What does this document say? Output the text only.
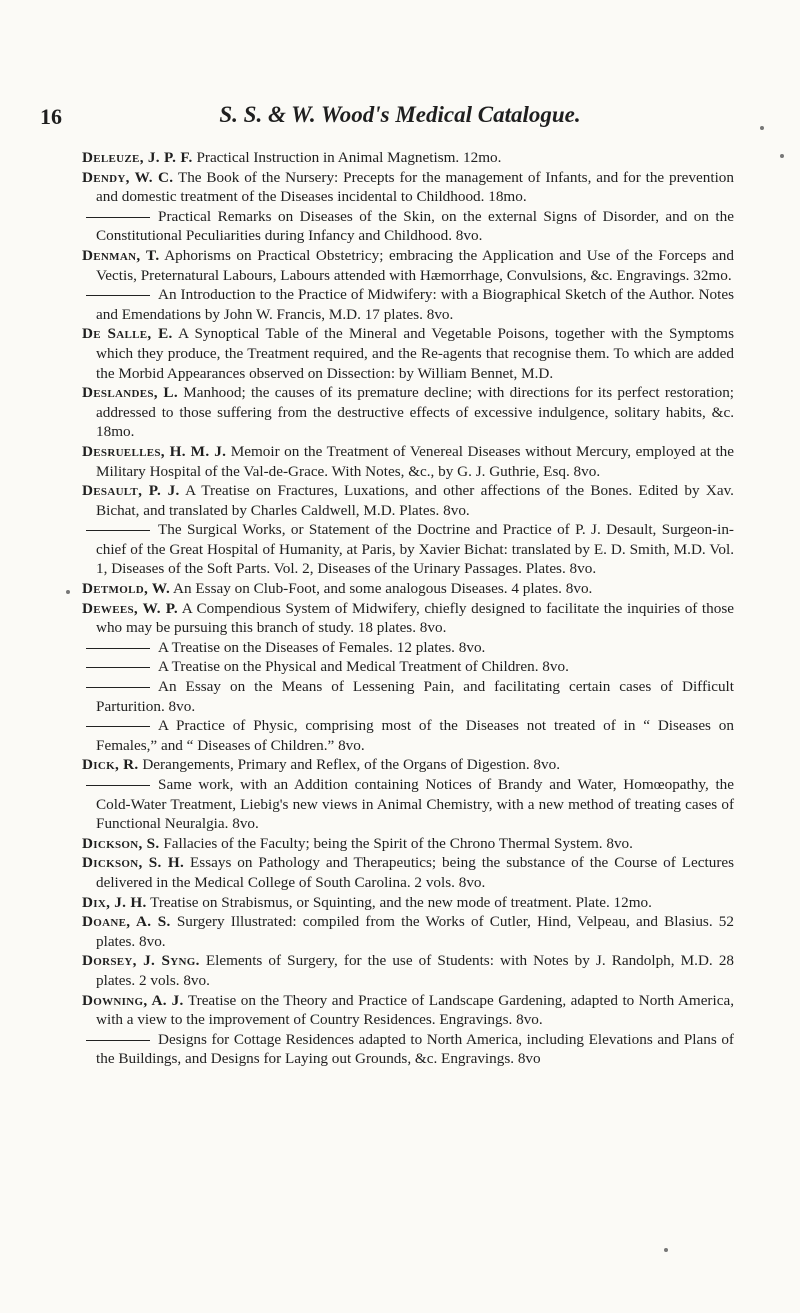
16	S. S. & W. Wood's Medical Catalogue.

Deleuze, J. P. F. Practical Instruction in Animal Magnetism. 12mo.

Dendy, W. C. The Book of the Nursery: Precepts for the management of Infants, and for the prevention and domestic treatment of the Diseases incidental to Childhood. 18mo.

Practical Remarks on Diseases of the Skin, on the external Signs of Disorder, and on the Constitutional Peculiarities during Infancy and Childhood. 8vo.

Denman, T. Aphorisms on Practical Obstetricy; embracing the Application and Use of the Forceps and Vectis, Preternatural Labours, Labours attended with Hæmorrhage, Convulsions, &c. Engravings. 32mo.

An Introduction to the Practice of Midwifery: with a Biographical Sketch of the Author. Notes and Emendations by John W. Francis, M.D. 17 plates. 8vo.

De Salle, E. A Synoptical Table of the Mineral and Vegetable Poisons, together with the Symptoms which they produce, the Treatment required, and the Re-agents that recognise them. To which are added the Morbid Appearances observed on Dissection: by William Bennet, M.D.

Deslandes, L. Manhood; the causes of its premature decline; with directions for its perfect restoration; addressed to those suffering from the destructive effects of excessive indulgence, solitary habits, &c. 18mo.

Desruelles, H. M. J. Memoir on the Treatment of Venereal Diseases without Mercury, employed at the Military Hospital of the Val-de-Grace. With Notes, &c., by G. J. Guthrie, Esq. 8vo.

Desault, P. J. A Treatise on Fractures, Luxations, and other affections of the Bones. Edited by Xav. Bichat, and translated by Charles Caldwell, M.D. Plates. 8vo.

The Surgical Works, or Statement of the Doctrine and Practice of P. J. Desault, Surgeon-in-chief of the Great Hospital of Humanity, at Paris, by Xavier Bichat: translated by E. D. Smith, M.D. Vol. 1, Diseases of the Soft Parts. Vol. 2, Diseases of the Urinary Passages. Plates. 8vo.

Detmold, W. An Essay on Club-Foot, and some analogous Diseases. 4 plates. 8vo.

Dewees, W. P. A Compendious System of Midwifery, chiefly designed to facilitate the inquiries of those who may be pursuing this branch of study. 18 plates. 8vo.

A Treatise on the Diseases of Females. 12 plates. 8vo.

A Treatise on the Physical and Medical Treatment of Children. 8vo.

An Essay on the Means of Lessening Pain, and facilitating certain cases of Difficult Parturition. 8vo.

A Practice of Physic, comprising most of the Diseases not treated of in “ Diseases on Females,” and “ Diseases of Children.” 8vo.

Dick, R. Derangements, Primary and Reflex, of the Organs of Digestion. 8vo.

Same work, with an Addition containing Notices of Brandy and Water, Homœopathy, the Cold-Water Treatment, Liebig's new views in Animal Chemistry, with a new method of treating cases of Functional Neuralgia. 8vo.

Dickson, S. Fallacies of the Faculty; being the Spirit of the Chrono Thermal System. 8vo.

Dickson, S. H. Essays on Pathology and Therapeutics; being the substance of the Course of Lectures delivered in the Medical College of South Carolina. 2 vols. 8vo.

Dix, J. H. Treatise on Strabismus, or Squinting, and the new mode of treatment. Plate. 12mo.

Doane, A. S. Surgery Illustrated: compiled from the Works of Cutler, Hind, Velpeau, and Blasius. 52 plates. 8vo.

Dorsey, J. Syng. Elements of Surgery, for the use of Students: with Notes by J. Randolph, M.D. 28 plates. 2 vols. 8vo.

Downing, A. J. Treatise on the Theory and Practice of Landscape Gardening, adapted to North America, with a view to the improvement of Country Residences. Engravings. 8vo.

Designs for Cottage Residences adapted to North America, including Elevations and Plans of the Buildings, and Designs for Laying out Grounds, &c. Engravings. 8vo
